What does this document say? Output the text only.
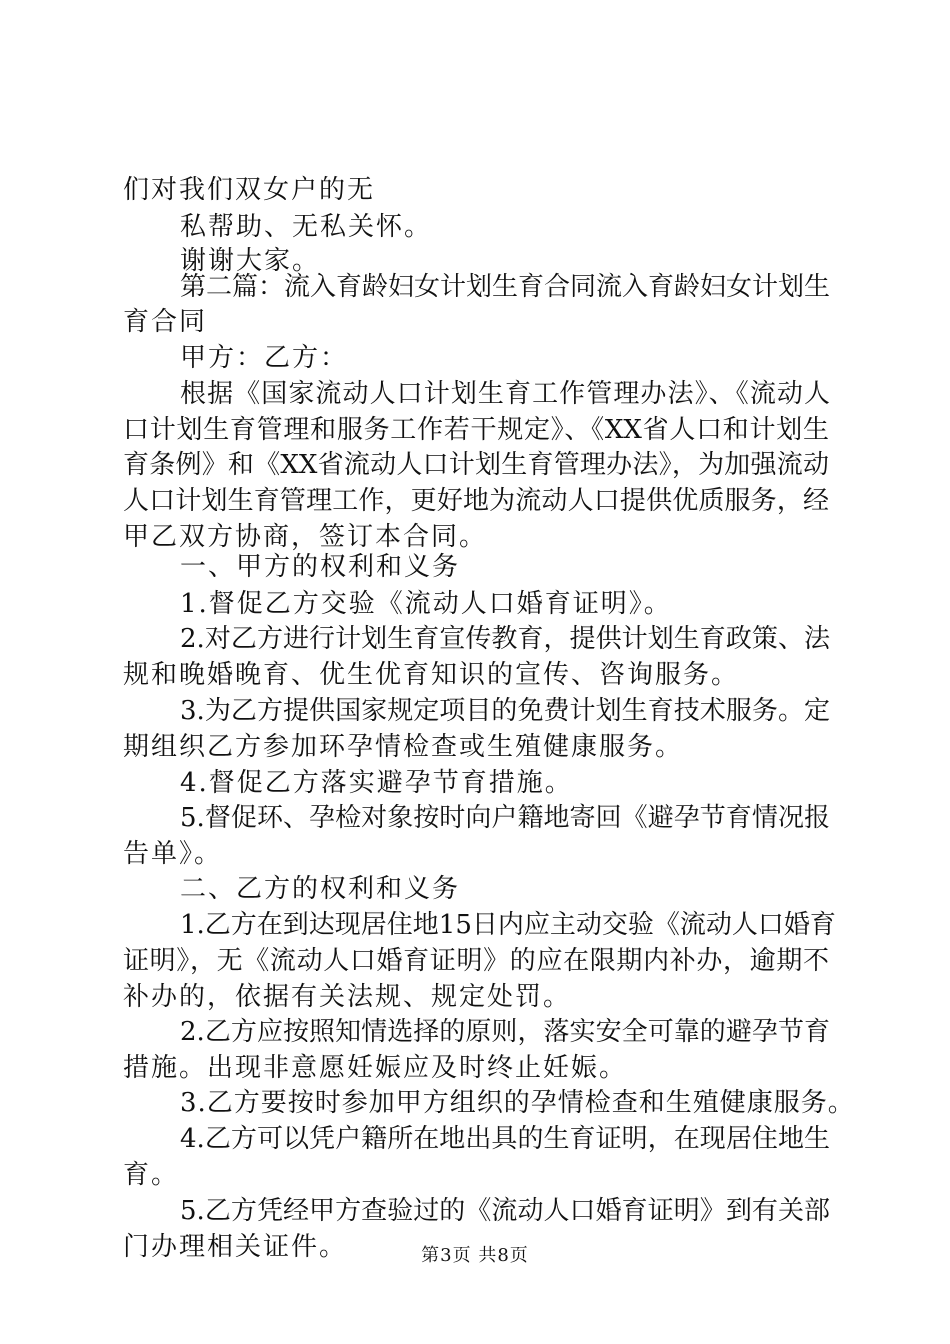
们对我们双女户的无
私帮助、无私关怀。
谢谢大家。
第二篇：流入育龄妇女计划生育合同流入育龄妇女计划生
育合同
甲方：乙方：
根据《国家流动人口计划生育工作管理办法》、《流动人
口计划生育管理和服务工作若干规定》、《XX省人口和计划生
育条例》和《XX省流动人口计划生育管理办法》，为加强流动
人口计划生育管理工作，更好地为流动人口提供优质服务，经
甲乙双方协商，签订本合同。
一、甲方的权利和义务
1.督促乙方交验《流动人口婚育证明》。
2.对乙方进行计划生育宣传教育，提供计划生育政策、法
规和晚婚晚育、优生优育知识的宣传、咨询服务。
3.为乙方提供国家规定项目的免费计划生育技术服务。定
期组织乙方参加环孕情检查或生殖健康服务。
4.督促乙方落实避孕节育措施。
5.督促环、孕检对象按时向户籍地寄回《避孕节育情况报
告单》。
二、乙方的权利和义务
1.乙方在到达现居住地15日内应主动交验《流动人口婚育
证明》，无《流动人口婚育证明》的应在限期内补办，逾期不
补办的，依据有关法规、规定处罚。
2.乙方应按照知情选择的原则，落实安全可靠的避孕节育
措施。出现非意愿妊娠应及时终止妊娠。
3.乙方要按时参加甲方组织的孕情检查和生殖健康服务。
4.乙方可以凭户籍所在地出具的生育证明，在现居住地生
育。
5.乙方凭经甲方查验过的《流动人口婚育证明》到有关部
门办理相关证件。	第3页 共8页
